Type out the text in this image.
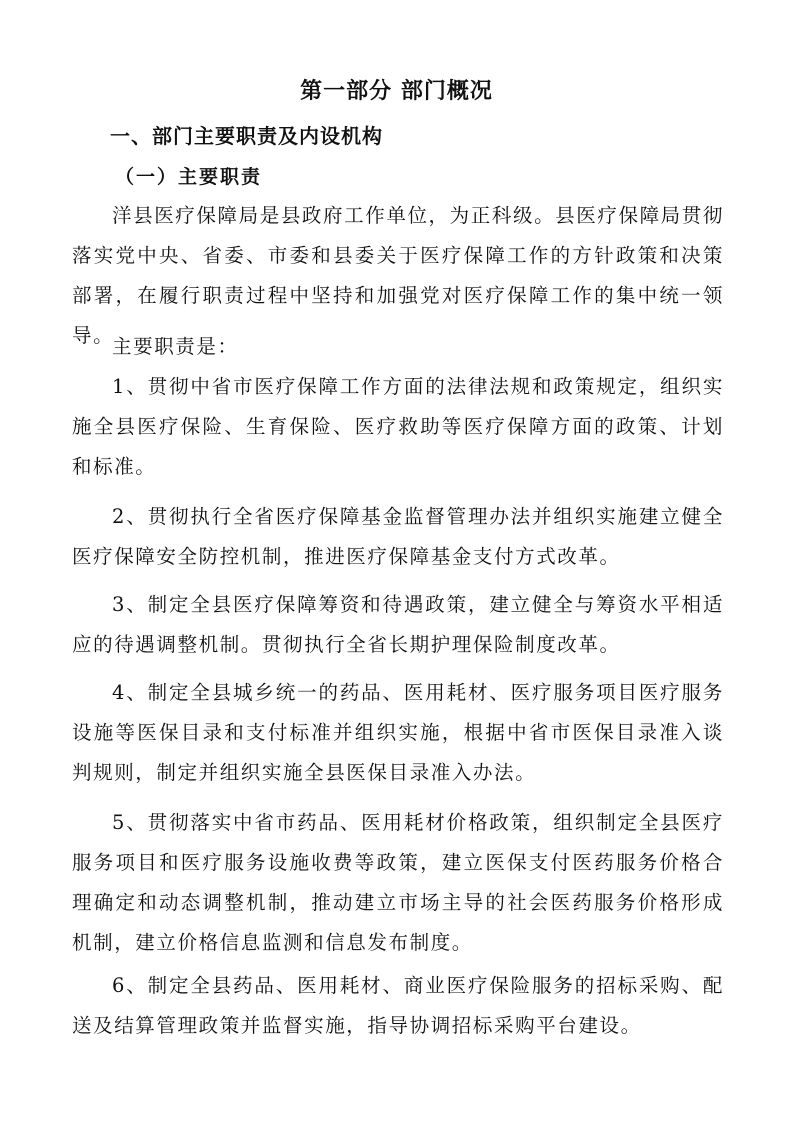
第一部分 部门概况
一、部门主要职责及内设机构
（一）主要职责

洋县医疗保障局是县政府工作单位，为正科级。县医疗保障局贯彻落实党中央、省委、市委和县委关于医疗保障工作的方针政策和决策部署，在履行职责过程中坚持和加强党对医疗保障工作的集中统一领导。

主要职责是：

1、贯彻中省市医疗保障工作方面的法律法规和政策规定，组织实施全县医疗保险、生育保险、医疗救助等医疗保障方面的政策、计划和标准。

2、贯彻执行全省医疗保障基金监督管理办法并组织实施建立健全医疗保障安全防控机制，推进医疗保障基金支付方式改革。

3、制定全县医疗保障筹资和待遇政策，建立健全与筹资水平相适应的待遇调整机制。贯彻执行全省长期护理保险制度改革。

4、制定全县城乡统一的药品、医用耗材、医疗服务项目医疗服务设施等医保目录和支付标准并组织实施，根据中省市医保目录准入谈判规则，制定并组织实施全县医保目录准入办法。

5、贯彻落实中省市药品、医用耗材价格政策，组织制定全县医疗服务项目和医疗服务设施收费等政策，建立医保支付医药服务价格合理确定和动态调整机制，推动建立市场主导的社会医药服务价格形成机制，建立价格信息监测和信息发布制度。

6、制定全县药品、医用耗材、商业医疗保险服务的招标采购、配送及结算管理政策并监督实施，指导协调招标采购平台建设。
